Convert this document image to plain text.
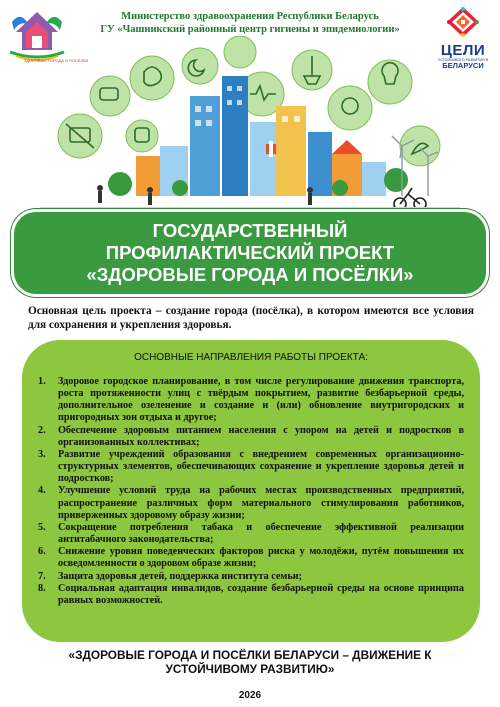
ЗДОРОВЫЕ ГОРОДА И ПОСЁЛКИ
Министерство здравоохранения Республики Беларусь
ГУ «Чашникский районный центр гигиены и эпидемиологии»
ЦЕЛИ
УСТОЙЧИВОГО РАЗВИТИЯ В
БЕЛАРУСИ
ГОСУДАРСТВЕННЫЙ
ПРОФИЛАКТИЧЕСКИЙ ПРОЕКТ
«ЗДОРОВЫЕ ГОРОДА И ПОСЁЛКИ»
Основная цель проекта – создание города (посёлка), в котором имеются все условия для сохранения и укрепления здоровья.
ОСНОВНЫЕ НАПРАВЛЕНИЯ РАБОТЫ ПРОЕКТА:
1. Здоровое городское планирование, в том числе регулирование движения транспорта, роста протяженности улиц с твёрдым покрытием, развитие безбарьерной среды, дополнительное озеленение и создание и (или) обновление внутригородских и пригородных зон отдыха и другое;
2. Обеспечение здоровым питанием населения с упором на детей и подростков в организованных коллективах;
3. Развитие учреждений образования с внедрением современных организационно-структурных элементов, обеспечивающих сохранение и укрепление здоровья детей и подростков;
4. Улучшение условий труда на рабочих местах производственных предприятий, распространение различных форм материального стимулирования работников, приверженных здоровому образу жизни;
5. Сокращение потребления табака и обеспечение эффективной реализации антитабачного законодательства;
6. Снижение уровня поведенческих факторов риска у молодёжи, путём повышения их осведомленности о здоровом образе жизни;
7. Защита здоровья детей, поддержка института семьи;
8. Социальная адаптация инвалидов, создание безбарьерной среды на основе принципа равных возможностей.
«ЗДОРОВЫЕ ГОРОДА И ПОСЁЛКИ БЕЛАРУСИ – ДВИЖЕНИЕ К УСТОЙЧИВОМУ РАЗВИТИЮ»
2026
